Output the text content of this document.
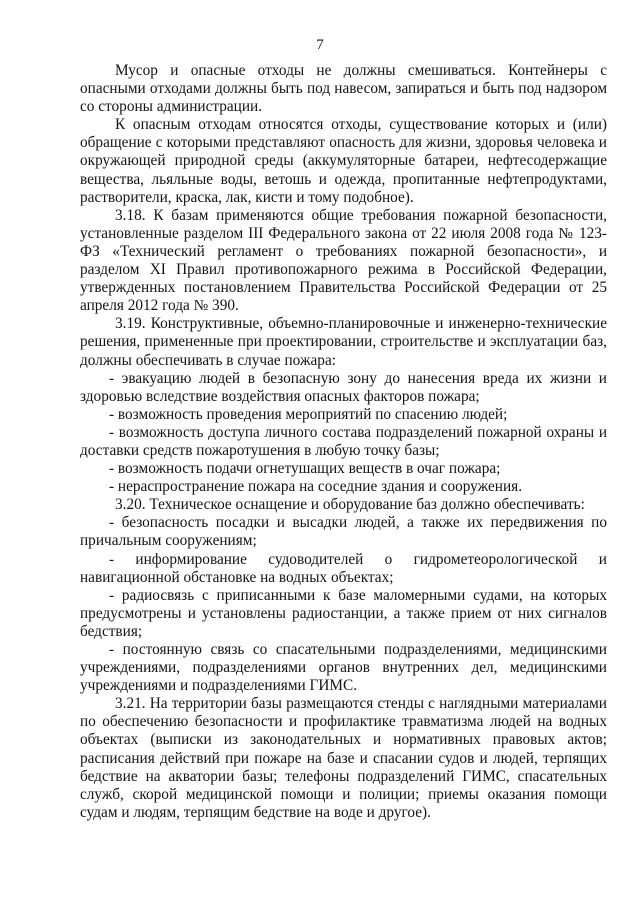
7

Мусор и опасные отходы не должны смешиваться. Контейнеры с опасными отходами должны быть под навесом, запираться и быть под надзором со стороны администрации.

К опасным отходам относятся отходы, существование которых и (или) обращение с которыми представляют опасность для жизни, здоровья человека и окружающей природной среды (аккумуляторные батареи, нефтесодержащие вещества, льяльные воды, ветошь и одежда, пропитанные нефтепродуктами, растворители, краска, лак, кисти и тому подобное).

3.18. К базам применяются общие требования пожарной безопасности, установленные разделом III Федерального закона от 22 июля 2008 года № 123-ФЗ «Технический регламент о требованиях пожарной безопасности», и разделом XI Правил противопожарного режима в Российской Федерации, утвержденных постановлением Правительства Российской Федерации от 25 апреля 2012 года № 390.

3.19. Конструктивные, объемно-планировочные и инженерно-технические решения, примененные при проектировании, строительстве и эксплуатации баз, должны обеспечивать в случае пожара:

- эвакуацию людей в безопасную зону до нанесения вреда их жизни и здоровью вследствие воздействия опасных факторов пожара;

- возможность проведения мероприятий по спасению людей;

- возможность доступа личного состава подразделений пожарной охраны и доставки средств пожаротушения в любую точку базы;

- возможность подачи огнетушащих веществ в очаг пожара;

- нераспространение пожара на соседние здания и сооружения.

3.20. Техническое оснащение и оборудование баз должно обеспечивать:

- безопасность посадки и высадки людей, а также их передвижения по причальным сооружениям;

- информирование судоводителей о гидрометеорологической и навигационной обстановке на водных объектах;

- радиосвязь с приписанными к базе маломерными судами, на которых предусмотрены и установлены радиостанции, а также прием от них сигналов бедствия;

- постоянную связь со спасательными подразделениями, медицинскими учреждениями, подразделениями органов внутренних дел, медицинскими учреждениями и подразделениями ГИМС.

3.21. На территории базы размещаются стенды с наглядными материалами по обеспечению безопасности и профилактике травматизма людей на водных объектах (выписки из законодательных и нормативных правовых актов; расписания действий при пожаре на базе и спасании судов и людей, терпящих бедствие на акватории базы; телефоны подразделений ГИМС, спасательных служб, скорой медицинской помощи и полиции; приемы оказания помощи судам и людям, терпящим бедствие на воде и другое).
